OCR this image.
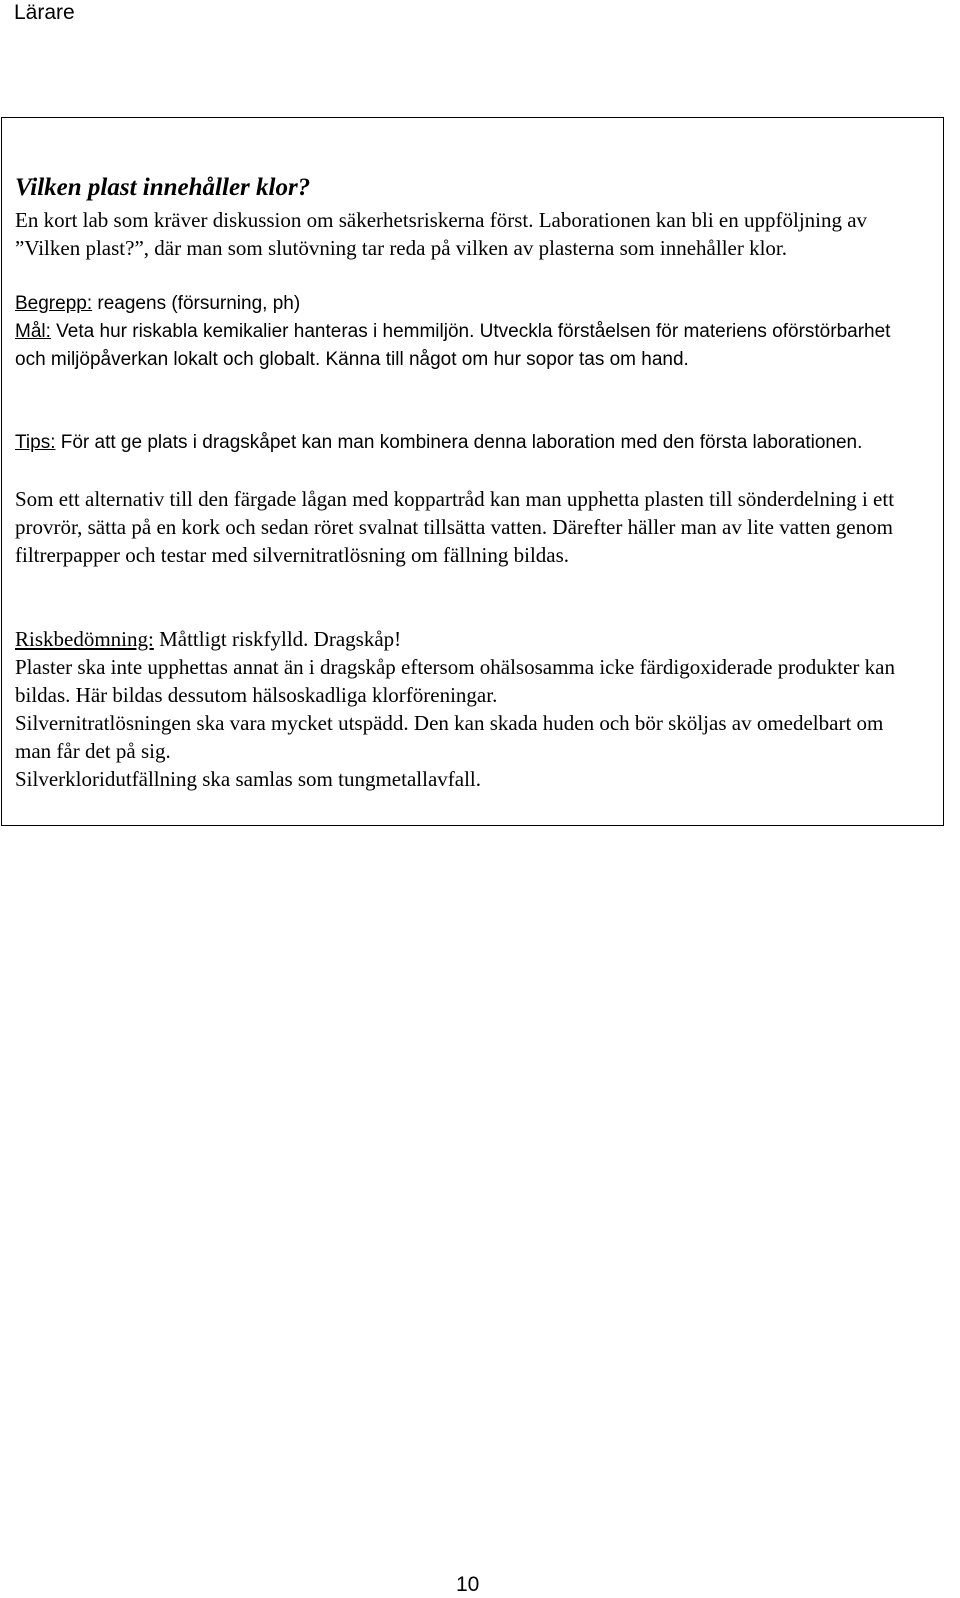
Lärare
Vilken plast innehåller klor?

En kort lab som kräver diskussion om säkerhetsriskerna först. Laborationen kan bli en uppföljning av ”Vilken plast?”, där man som slutövning tar reda på vilken av plasterna som innehåller klor.

Begrepp: reagens (försurning, ph)

Mål: Veta hur riskabla kemikalier hanteras i hemmiljön. Utveckla förståelsen för materiens oförstörbarhet och miljöpåverkan lokalt och globalt. Känna till något om hur sopor tas om hand.

Tips: För att ge plats i dragskåpet kan man kombinera denna laboration med den första laborationen.

Som ett alternativ till den färgade lågan med koppartråd kan man upphetta plasten till sönderdelning i ett provrör, sätta på en kork och sedan röret svalnat tillsätta vatten. Därefter häller man av lite vatten genom filtrerpapper och testar med silvernitratlösning om fällning bildas.

Riskbedömning: Måttligt riskfylld. Dragskåp!

Plaster ska inte upphettas annat än i dragskåp eftersom ohälsosamma icke färdigoxiderade produkter kan bildas. Här bildas dessutom hälsoskadliga klorföreningar.

Silvernitratlösningen ska vara mycket utspädd. Den kan skada huden och bör sköljas av omedelbart om man får det på sig.

Silverkloridutfällning ska samlas som tungmetallavfall.

10
